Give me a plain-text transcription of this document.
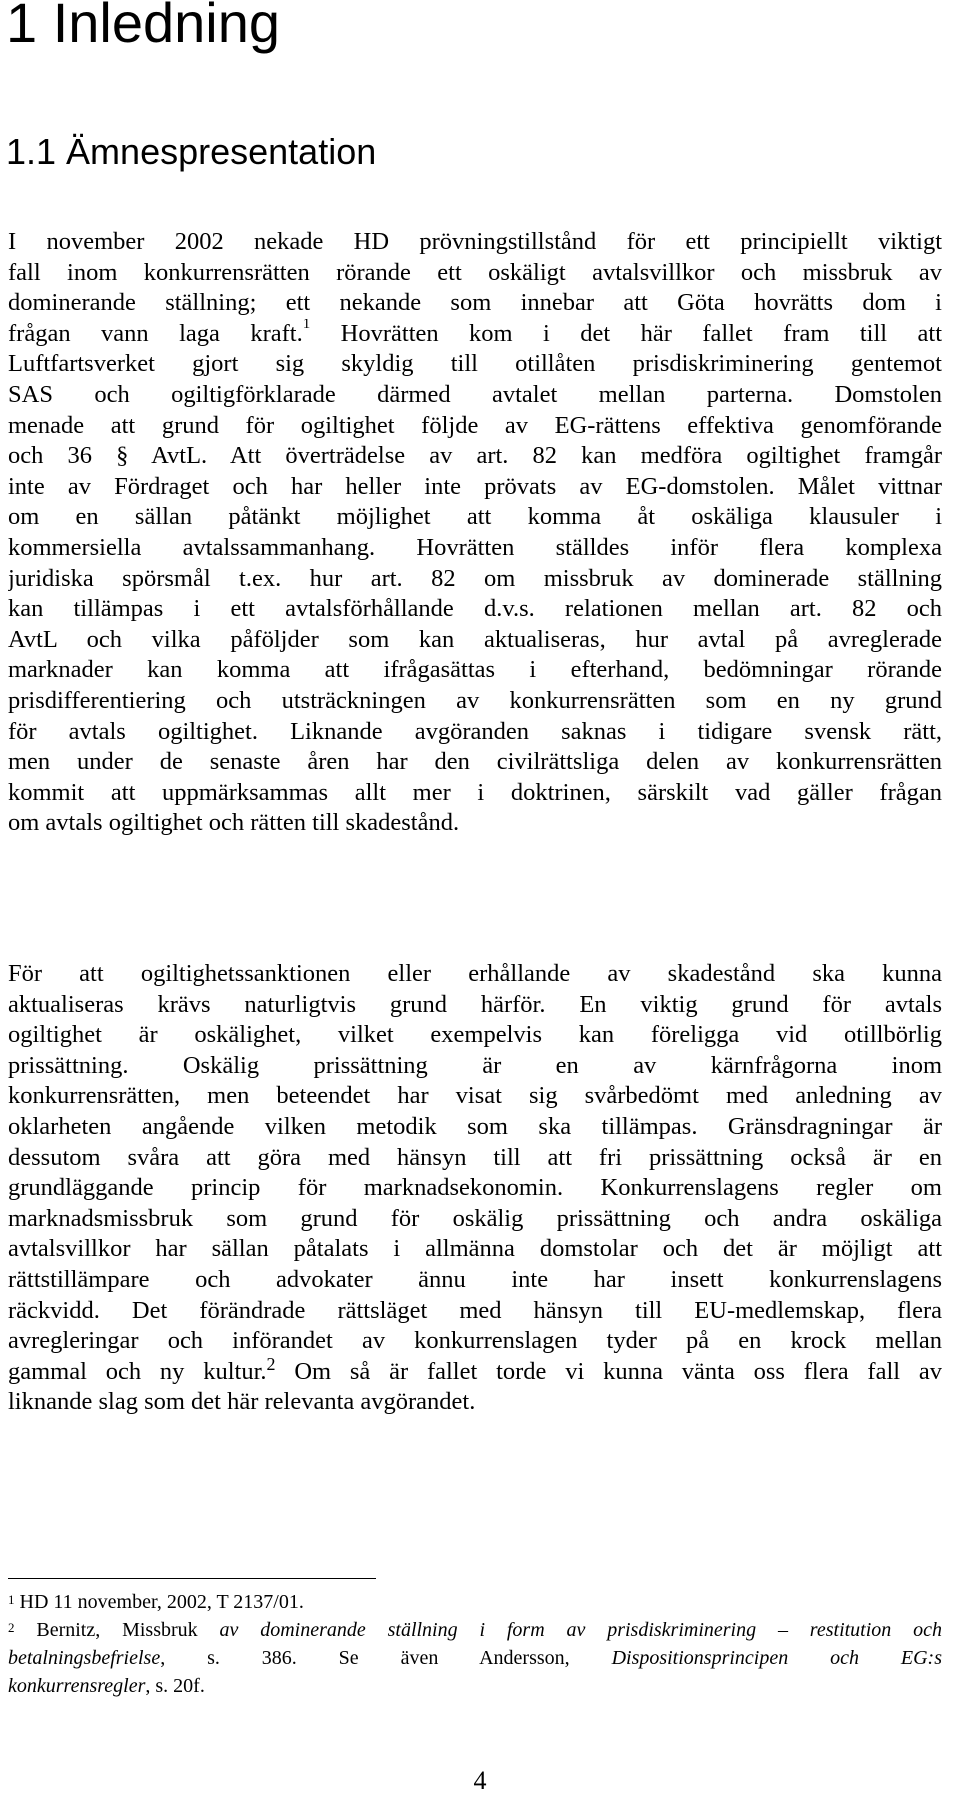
1 Inledning
1.1 Ämnespresentation
I november 2002 nekade HD prövningstillstånd för ett principiellt viktigt
fall inom konkurrensrätten rörande ett oskäligt avtalsvillkor och missbruk av
dominerande ställning; ett nekande som innebar att Göta hovrätts dom i
frågan vann laga kraft.$^1$ Hovrätten kom i det här fallet fram till att
Luftfartsverket gjort sig skyldig till otillåten prisdiskriminering gentemot
SAS och ogiltigförklarade därmed avtalet mellan parterna. Domstolen
menade att grund för ogiltighet följde av EG-rättens effektiva genomförande
och 36 § AvtL. Att överträdelse av art. 82 kan medföra ogiltighet framgår
inte av Fördraget och har heller inte prövats av EG-domstolen. Målet vittnar
om en sällan påtänkt möjlighet att komma åt oskäliga klausuler i
kommersiella avtalssammanhang. Hovrätten ställdes inför flera komplexa
juridiska spörsmål t.ex. hur art. 82 om missbruk av dominerade ställning
kan tillämpas i ett avtalsförhållande d.v.s. relationen mellan art. 82 och
AvtL och vilka påföljder som kan aktualiseras, hur avtal på avreglerade
marknader kan komma att ifrågasättas i efterhand, bedömningar rörande
prisdifferentiering och utsträckningen av konkurrensrätten som en ny grund
för avtals ogiltighet. Liknande avgöranden saknas i tidigare svensk rätt,
men under de senaste åren har den civilrättsliga delen av konkurrensrätten
kommit att uppmärksammas allt mer i doktrinen, särskilt vad gäller frågan
om avtals ogiltighet och rätten till skadestånd.
För att ogiltighetssanktionen eller erhållande av skadestånd ska kunna
aktualiseras krävs naturligtvis grund härför. En viktig grund för avtals
ogiltighet är oskälighet, vilket exempelvis kan föreligga vid otillbörlig
prissättning. Oskälig prissättning är en av kärnfrågorna inom
konkurrensrätten, men beteendet har visat sig svårbedömt med anledning av
oklarheten angående vilken metodik som ska tillämpas. Gränsdragningar är
dessutom svåra att göra med hänsyn till att fri prissättning också är en
grundläggande princip för marknadsekonomin. Konkurrenslagens regler om
marknadsmissbruk som grund för oskälig prissättning och andra oskäliga
avtalsvillkor har sällan påtalats i allmänna domstolar och det är möjligt att
rättstillämpare och advokater ännu inte har insett konkurrenslagens
räckvidd. Det förändrade rättsläget med hänsyn till EU-medlemskap, flera
avregleringar och införandet av konkurrenslagen tyder på en krock mellan
gammal och ny kultur.$^2$ Om så är fallet torde vi kunna vänta oss flera fall av
liknande slag som det här relevanta avgörandet.
$^1$ HD 11 november, 2002, T 2137/01.
$^2$ Bernitz, Missbruk av dominerande ställning i form av prisdiskriminering – restitution och
betalningsbefrielse, s. 386. Se även Andersson, Dispositionsprincipen och EG:s
konkurrensregler, s. 20f.
4
